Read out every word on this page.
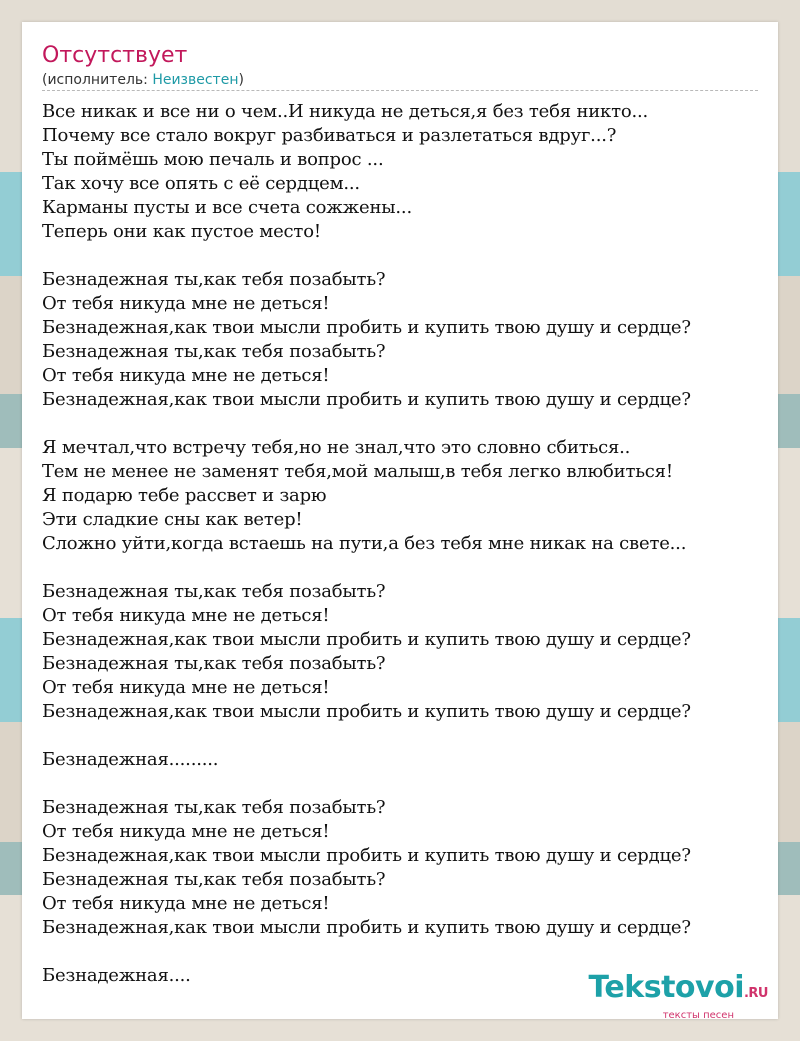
Отсутствует
(исполнитель: Неизвестен)
Все никак и все ни о чем..И никуда не деться,я без тебя никто...
Почему все стало вокруг разбиваться и разлетаться вдруг...?
Ты поймёшь мою печаль и вопрос ...
Так хочу все опять с её сердцем...
Карманы пусты и все счета сожжены...
Теперь они как пустое место!

Безнадежная ты,как тебя позабыть?
От тебя никуда мне не деться!
Безнадежная,как твои мысли пробить и купить твою душу и сердце?
Безнадежная ты,как тебя позабыть?
От тебя никуда мне не деться!
Безнадежная,как твои мысли пробить и купить твою душу и сердце?

Я мечтал,что встречу тебя,но не знал,что это словно сбиться..
Тем не менее не заменят тебя,мой малыш,в тебя легко влюбиться!
Я подарю тебе рассвет и зарю
Эти сладкие сны как ветер!
Сложно уйти,когда встаешь на пути,а без тебя мне никак на свете...

Безнадежная ты,как тебя позабыть?
От тебя никуда мне не деться!
Безнадежная,как твои мысли пробить и купить твою душу и сердце?
Безнадежная ты,как тебя позабыть?
От тебя никуда мне не деться!
Безнадежная,как твои мысли пробить и купить твою душу и сердце?

Безнадежная.........

Безнадежная ты,как тебя позабыть?
От тебя никуда мне не деться!
Безнадежная,как твои мысли пробить и купить твою душу и сердце?
Безнадежная ты,как тебя позабыть?
От тебя никуда мне не деться!
Безнадежная,как твои мысли пробить и купить твою душу и сердце?

Безнадежная....	Tekstovoi.RU
тексты песен
